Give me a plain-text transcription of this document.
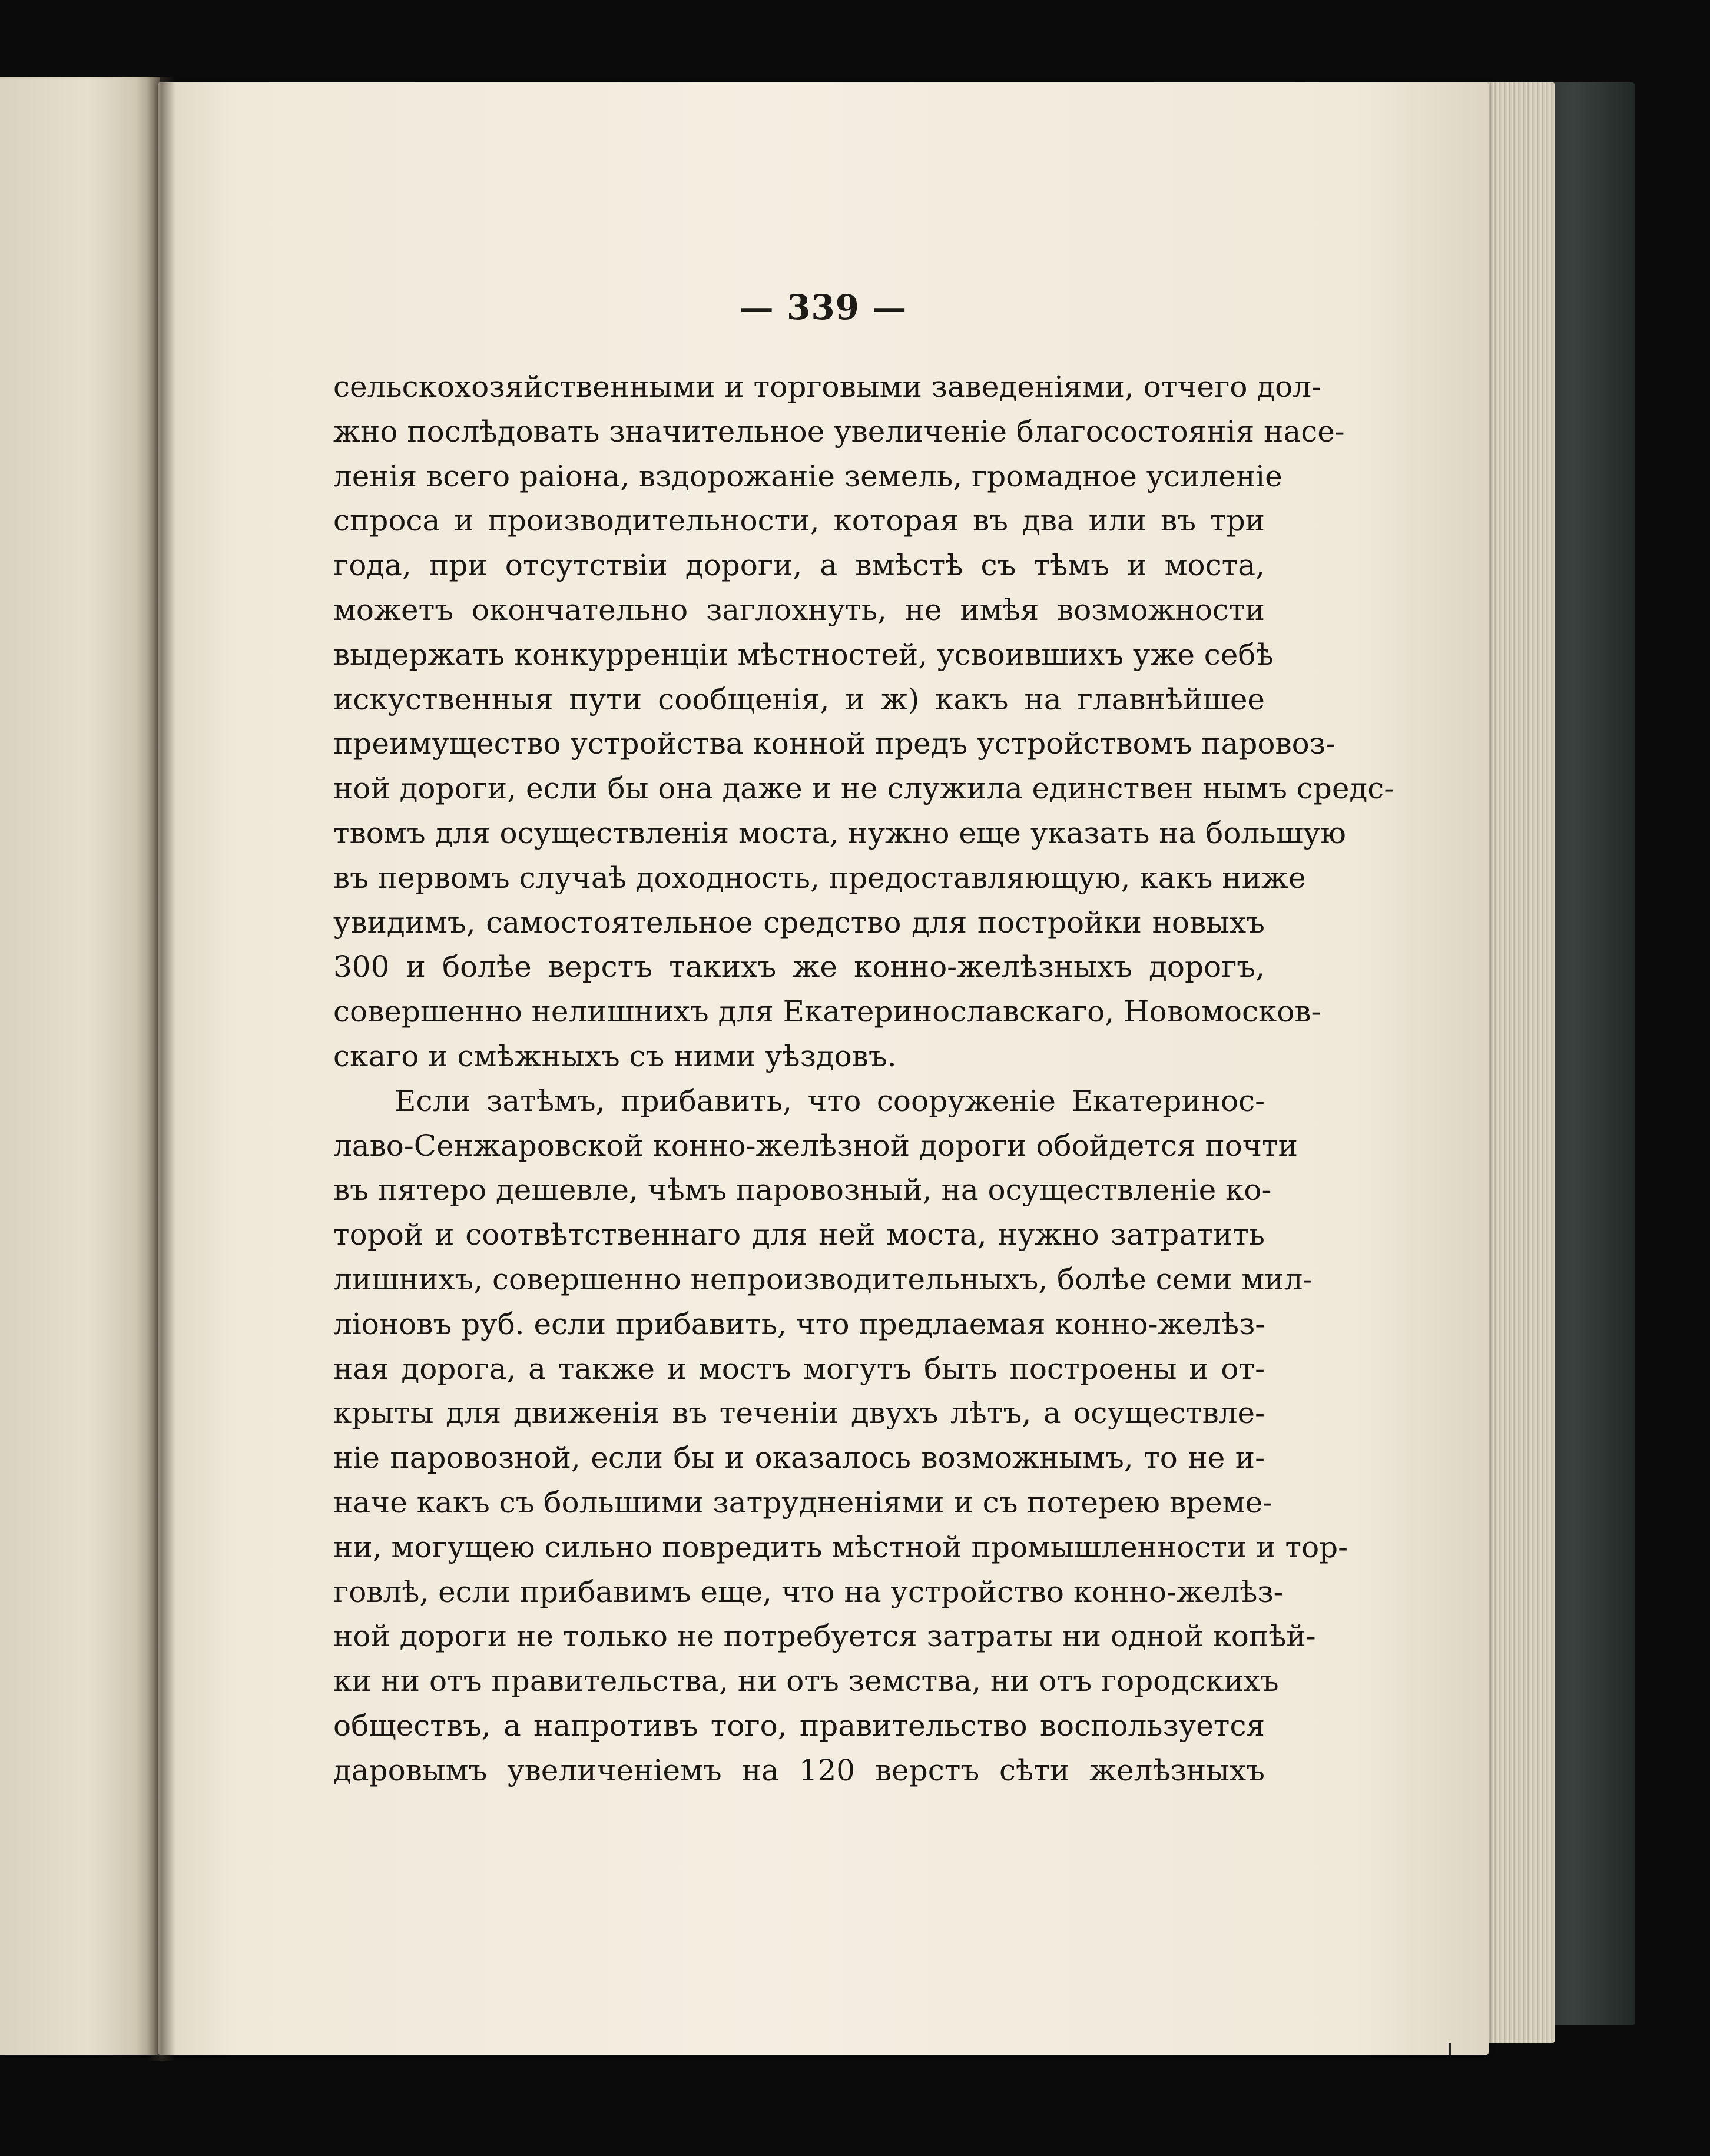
— 339 —
сельскохозяйственными и торговыми заведеніями, отчего дол-
жно послѣдовать значительное увеличеніе благосостоянія насе-
ленія всего раіона, вздорожаніе земель, громадное усиленіе
спроса и производительности, которая въ два или въ три
года, при отсутствіи дороги, а вмѣстѣ съ тѣмъ и моста,
можетъ окончательно заглохнуть, не имѣя возможности
выдержать конкурренціи мѣстностей, усвоившихъ уже себѣ
искуственныя пути сообщенія, и ж) какъ на главнѣйшее
преимущество устройства конной предъ устройствомъ паровоз-
ной дороги, если бы она даже и не служила единствен нымъ средс-
твомъ для осуществленія моста, нужно еще указать на большую
въ первомъ случаѣ доходность, предоставляющую, какъ ниже
увидимъ, самостоятельное средство для постройки новыхъ
300 и болѣе верстъ такихъ же конно-желѣзныхъ дорогъ,
совершенно нелишнихъ для Екатеринославскаго, Новомосков-
скаго и смѣжныхъ съ ними уѣздовъ.
Если затѣмъ, прибавить, что сооруженіе Екатеринос-
лаво-Сенжаровской конно-желѣзной дороги обойдется почти
въ пятеро дешевле, чѣмъ паровозный, на осуществленіе ко-
торой и соотвѣтственнаго для ней моста, нужно затратить
лишнихъ, совершенно непроизводительныхъ, болѣе семи мил-
ліоновъ руб. если прибавить, что предлаемая конно-желѣз-
ная дорога, а также и мостъ могутъ быть построены и от-
крыты для движенія въ теченіи двухъ лѣтъ, а осуществле-
ніе паровозной, если бы и оказалось возможнымъ, то не и-
наче какъ съ большими затрудненіями и съ потерею време-
ни, могущею сильно повредить мѣстной промышленности и тор-
говлѣ, если прибавимъ еще, что на устройство конно-желѣз-
ной дороги не только не потребуется затраты ни одной копѣй-
ки ни отъ правительства, ни отъ земства, ни отъ городскихъ
обществъ, а напротивъ того, правительство воспользуется
даровымъ увеличеніемъ на 120 верстъ сѣти желѣзныхъ
